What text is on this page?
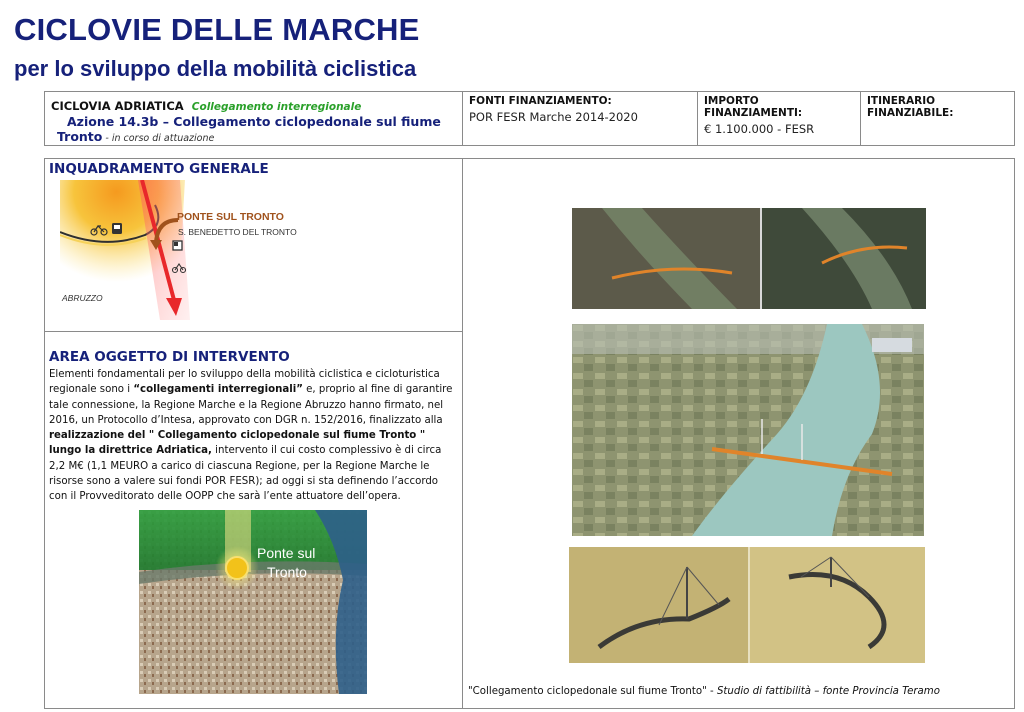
CICLOVIE DELLE MARCHE
per lo sviluppo della mobilità ciclistica
CICLOVIA ADRIATICA Collegamento interregionale
Azione 14.3b – Collegamento ciclopedonale sul fiume
Tronto - in corso di attuazione
FONTI FINANZIAMENTO:
POR FESR Marche 2014-2020
IMPORTO FINANZIAMENTI:
€ 1.100.000 - FESR
ITINERARIO FINANZIABILE:
INQUADRAMENTO GENERALE
PONTE SUL TRONTO
S. BENEDETTO DEL TRONTO
ABRUZZO
AREA OGGETTO DI INTERVENTO
Elementi fondamentali per lo sviluppo della mobilità ciclistica e cicloturistica regionale sono i “collegamenti interregionali” e, proprio al fine di garantire tale connessione, la Regione Marche e la Regione Abruzzo hanno firmato, nel 2016, un Protocollo d’Intesa, approvato con DGR n. 152/2016, finalizzato alla realizzazione del " Collegamento ciclopedonale sul fiume Tronto " lungo la direttrice Adriatica, intervento il cui costo complessivo è di circa 2,2 M€ (1,1 MEURO a carico di ciascuna Regione, per la Regione Marche le risorse sono a valere sui fondi POR FESR); ad oggi si sta definendo l’accordo con il Provveditorato delle OOPP che sarà l’ente attuatore dell’opera.
Ponte sul
Tronto
"Collegamento ciclopedonale sul fiume Tronto" - Studio di fattibilità – fonte Provincia Teramo
